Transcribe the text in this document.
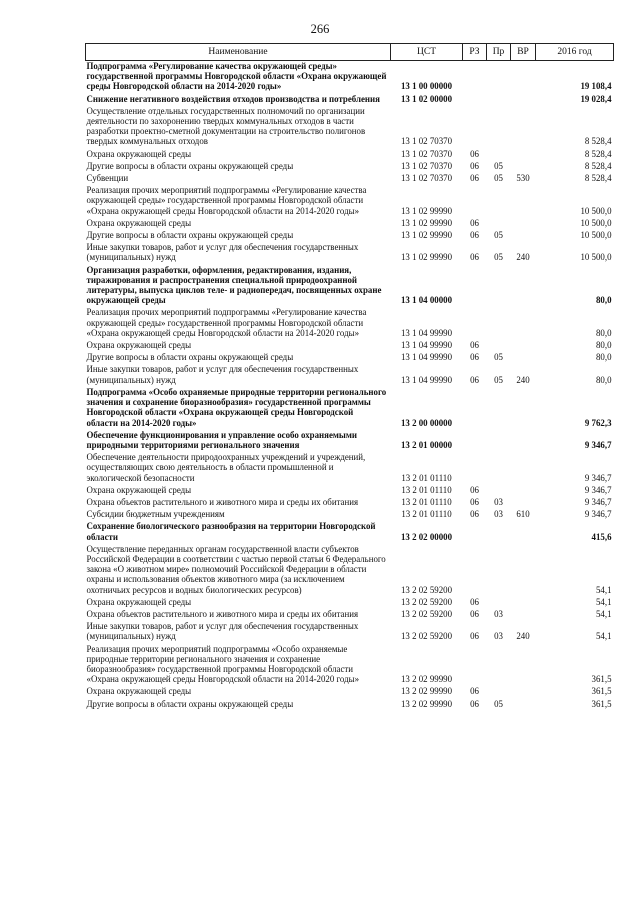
266
Наименование	ЦСТ	РЗ	Пр	ВР	2016 год
Подпрограмма «Регулирование качества окружающей среды» государственной программы Новгородской области «Охрана окружающей среды Новгородской области на 2014-2020 годы»	13 1 00 00000				19 108,4
Снижение негативного воздействия отходов производства и потребления	13 1 02 00000				19 028,4
Осуществление отдельных государственных полномочий по организации деятельности по захоронению твердых коммунальных отходов в части разработки проектно-сметной документации на строительство полигонов твердых коммунальных отходов	13 1 02 70370				8 528,4
Охрана окружающей среды	13 1 02 70370	06			8 528,4
Другие вопросы в области охраны окружающей среды	13 1 02 70370	06	05		8 528,4
Субвенции	13 1 02 70370	06	05	530	8 528,4
Реализация прочих мероприятий подпрограммы «Регулирование качества окружающей среды» государственной программы Новгородской области «Охрана окружающей среды Новгородской области на 2014-2020 годы»	13 1 02 99990				10 500,0
Охрана окружающей среды	13 1 02 99990	06			10 500,0
Другие вопросы в области охраны окружающей среды	13 1 02 99990	06	05		10 500,0
Иные закупки товаров, работ и услуг для обеспечения государственных (муниципальных) нужд	13 1 02 99990	06	05	240	10 500,0
Организация разработки, оформления, редактирования, издания, тиражирования и распространения специальной природоохранной литературы, выпуска циклов теле- и радиопередач, посвященных охране окружающей среды	13 1 04 00000				80,0
Реализация прочих мероприятий подпрограммы «Регулирование качества окружающей среды» государственной программы Новгородской области «Охрана окружающей среды Новгородской области на 2014-2020 годы»	13 1 04 99990				80,0
Охрана окружающей среды	13 1 04 99990	06			80,0
Другие вопросы в области охраны окружающей среды	13 1 04 99990	06	05		80,0
Иные закупки товаров, работ и услуг для обеспечения государственных (муниципальных) нужд	13 1 04 99990	06	05	240	80,0
Подпрограмма «Особо охраняемые природные территории регионального значения и сохранение биоразнообразия» государственной программы Новгородской области «Охрана окружающей среды Новгородской области на 2014-2020 годы»	13 2 00 00000				9 762,3
Обеспечение функционирования и управление особо охраняемыми природными территориями регионального значения	13 2 01 00000				9 346,7
Обеспечение деятельности природоохранных учреждений и учреждений, осуществляющих свою деятельность в области промышленной и экологической безопасности	13 2 01 01110				9 346,7
Охрана окружающей среды	13 2 01 01110	06			9 346,7
Охрана объектов растительного и животного мира и среды их обитания	13 2 01 01110	06	03		9 346,7
Субсидии бюджетным учреждениям	13 2 01 01110	06	03	610	9 346,7
Сохранение биологического разнообразия на территории Новгородской области	13 2 02 00000				415,6
Осуществление переданных органам государственной власти субъектов Российской Федерации в соответствии с частью первой статьи 6 Федерального закона «О животном мире» полномочий Российской Федерации в области охраны и использования объектов животного мира (за исключением охотничьих ресурсов и водных биологических ресурсов)	13 2 02 59200				54,1
Охрана окружающей среды	13 2 02 59200	06			54,1
Охрана объектов растительного и животного мира и среды их обитания	13 2 02 59200	06	03		54,1
Иные закупки товаров, работ и услуг для обеспечения государственных (муниципальных) нужд	13 2 02 59200	06	03	240	54,1
Реализация прочих мероприятий подпрограммы «Особо охраняемые природные территории регионального значения и сохранение биоразнообразия» государственной программы Новгородской области «Охрана окружающей среды Новгородской области на 2014-2020 годы»	13 2 02 99990				361,5
Охрана окружающей среды	13 2 02 99990	06			361,5
Другие вопросы в области охраны окружающей среды	13 2 02 99990	06	05		361,5
